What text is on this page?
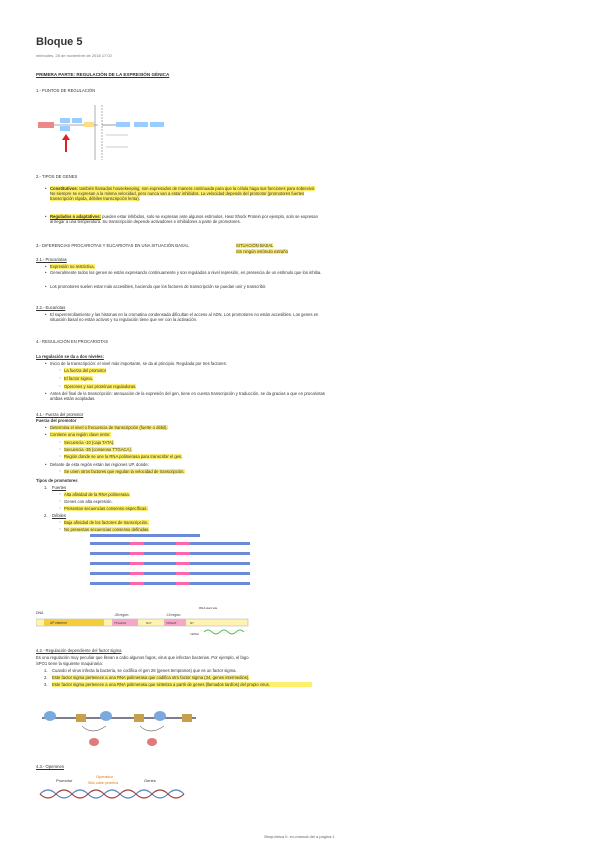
Bloque 5
miércoles, 28 de noviembre de 2018 17:02
PRIMERA PARTE: REGULACIÓN DE LA EXPRESIÓN GÉNICA
1.- PUNTOS DE REGULACIÓN
2.- TIPOS DE GENES
• Constitutivos: también llamados housekeeping, son expresados de manera continuada para que la célula haga sus funciones para sobrevivir. No siempre se expresan a la misma velocidad, pero nunca van a estar inhibidos. La velocidad depende del promotor (promotores fuertes transcripción rápida, débiles transcripción lenta).
• Regulados o adaptativos: pueden estar inhibidos, solo se expresan ante algunos estímulos. Heat Shock Protein por ejemplo, solo se expresan al llegar a una temperatura. Su transcripción depende activadores e inhibidores a parte de promotores.
3.- DIFERENCIAS PROCARIOTAS Y EUCARIOTAS EN UNA SITUACIÓN BASAL	SITUACIÓN BASAL
Sin ningún estímulo extraño
3.1.- Procariotas
• Expresión no restrictiva.
• Generalmente todos los genes se están expresando continuamente y son regulados a nivel represión, en presencia de un estímulo que los inhiba.
• Los promotores suelen estar más accesibles, haciendo que los factores de transcripción se puedan unir y transcribir.
3.2.- Eucariotas
• El superenrollamiento y las histonas en la cromatina condensada dificultan el acceso al ADN. Los promotores no están accesibles. Los genes en situación basal no están activos y su regulación tiene que ver con la activación.
4.- REGULACIÓN EN PROCARIOTAS
La regulación se da a dos niveles:
• Inicio de la transcripción: el nivel más importante, se da al principio. Regulada por tres factores:
○ La fuerza del promotor
○ El factor sigma.
○ Operones y sus proteínas reguladoras.
• Antes del final de la transcripción: atenuación de la expresión del gen, tiene en cuenta transcripción y traducción, se da gracias a que en procariotas ambas están acopladas.
4.1.- Fuerza del promotor
Fuerza del promotor
• Determina el nivel o frecuencia de transcripción (fuerte o débil).
• Contiene una región clave entre:
○ Secuencia -10 (caja TATA).
○ Secuencia -35 (consenso TTGACA).
○ Región donde se une la RNA polimerasa para transcribir el gen.
• Delante de esta región están las regiones UP, donde:
○ Se unen otros factores que regulan la velocidad de transcripción.
Tipos de promotores
1. Fuertes
○ Alta afinidad de la RNA polimerasa.
○ Genes con alta expresión.
○ Presentan secuencias consenso específicas.
2. Débiles
○ Baja afinidad de los factores de transcripción.
○ No presentan secuencias consenso definidas.
DNA	-35 region	-10 region
RNA start site
UP element	TTGACA	N17	TATAAT	N7
mRNA
4.2.- Regulación dependiente del factor sigma
Es una regulación muy peculiar que llevan a cabo algunos fagos, virus que infectan bacterias. Por ejemplo, el fago
SPO1 tiene la siguiente maquinaria:
1. Cuando el virus infecta la bacteria, se codifica el gen 28 (genes tempranos) que es un factor sigma.
2. Este factor sigma pertenece a una RNA polimerasa que codifica otro factor sigma (34, genes intermedios).
3. Este factor sigma pertenece a una RNA polimerasa que sintetiza a partir de genes (llamados tardíos) del propio virus.
4.3.- Operones
Promotor
Operador
Sitio unión proteína	Genes
Bioquímica II: ex-manual del a página 1
